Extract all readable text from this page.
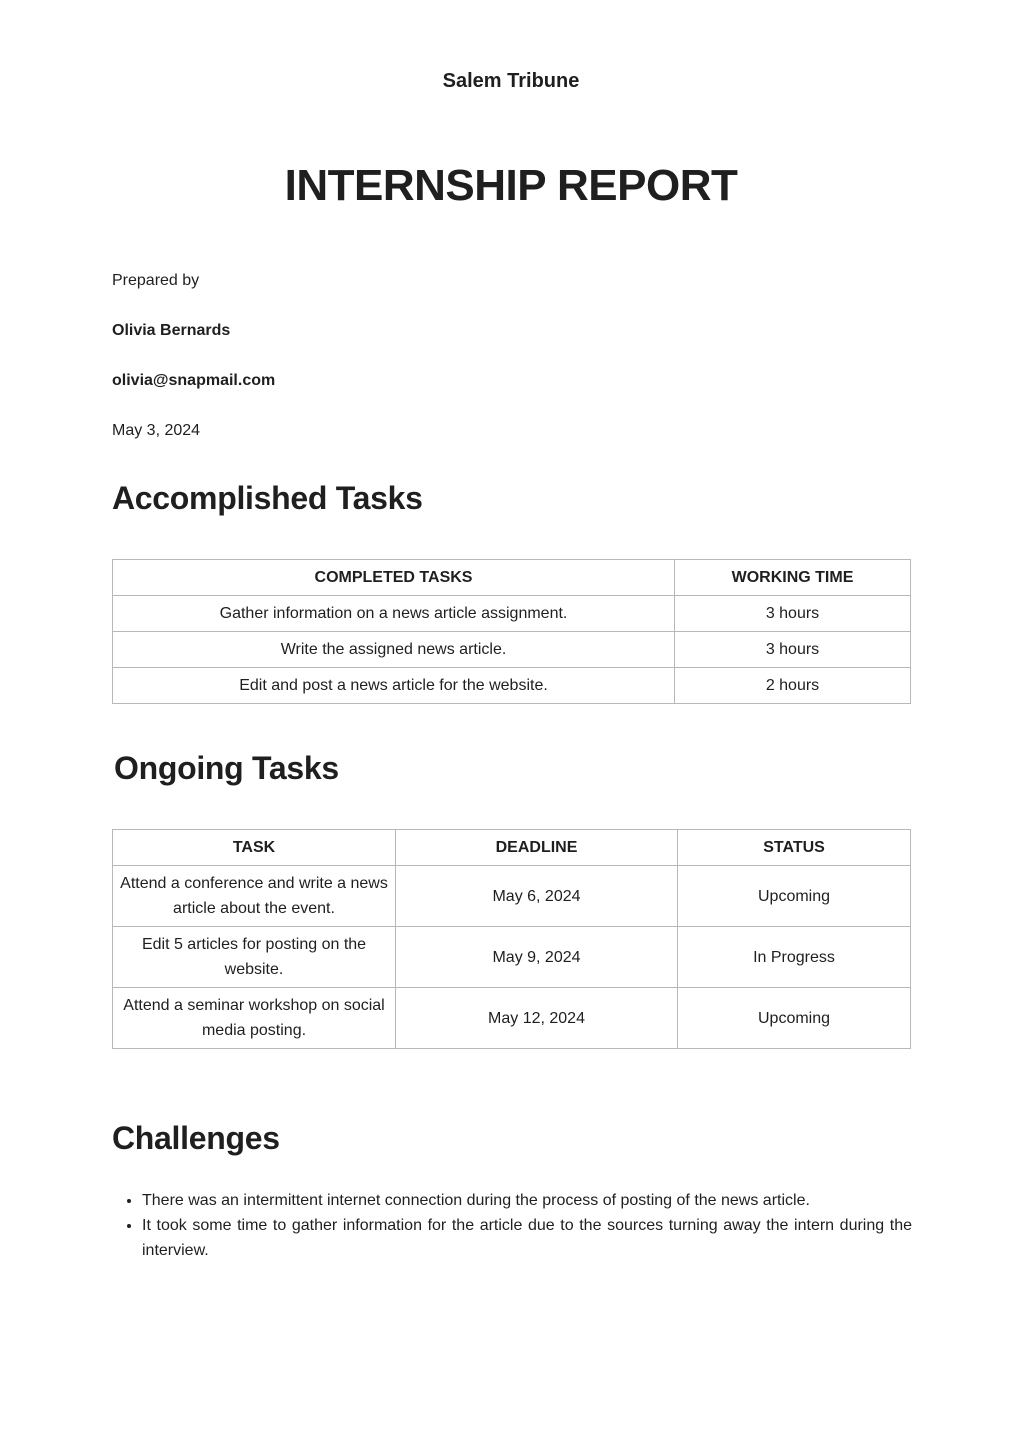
Salem Tribune
INTERNSHIP REPORT
Prepared by
Olivia Bernards
olivia@snapmail.com
May 3, 2024
Accomplished Tasks
COMPLETED TASKS	WORKING TIME
Gather information on a news article assignment.	3 hours
Write the assigned news article.	3 hours
Edit and post a news article for the website.	2 hours
Ongoing Tasks
TASK	DEADLINE	STATUS
Attend a conference and write a news article about the event.	May 6, 2024	Upcoming
Edit 5 articles for posting on the website.	May 9, 2024	In Progress
Attend a seminar workshop on social media posting.	May 12, 2024	Upcoming
Challenges
• There was an intermittent internet connection during the process of posting of the news article.
• It took some time to gather information for the article due to the sources turning away the intern during the interview.
